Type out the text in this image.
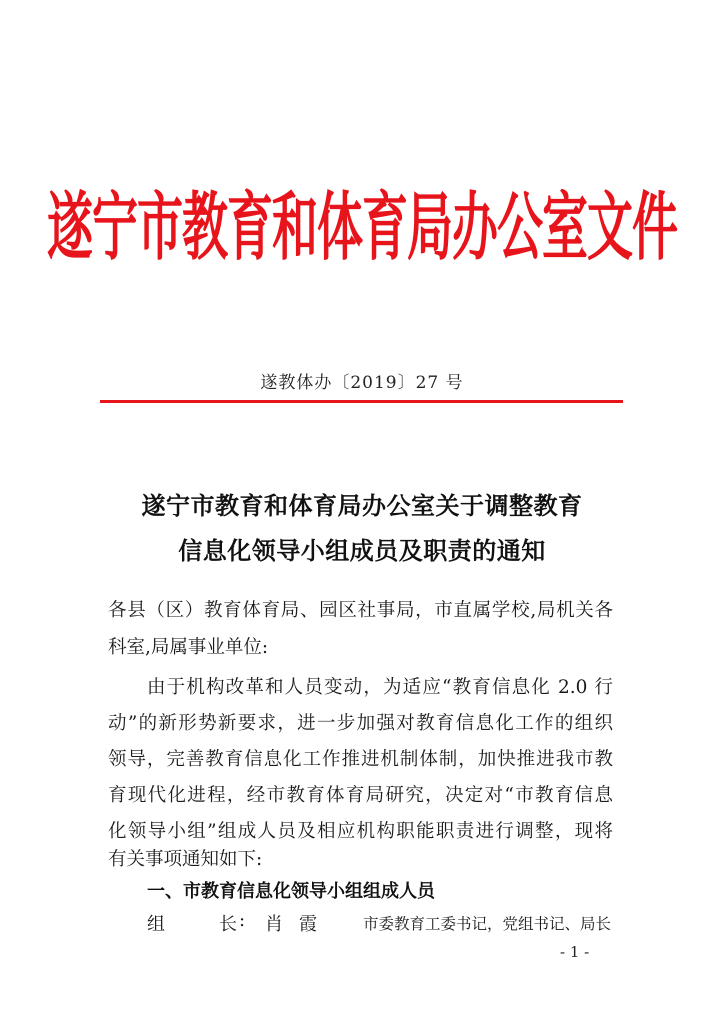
遂宁市教育和体育局办公室文件
遂教体办〔2019〕27 号
遂宁市教育和体育局办公室关于调整教育
信息化领导小组成员及职责的通知
各县（区）教育体育局、园区社事局，市直属学校,局机关各
科室,局属事业单位:
由于机构改革和人员变动，为适应“教育信息化 2.0 行
动”的新形势新要求，进一步加强对教育信息化工作的组织
领导，完善教育信息化工作推进机制体制，加快推进我市教
育现代化进程，经市教育体育局研究，决定对“市教育信息
化领导小组”组成人员及相应机构职能职责进行调整，现将
有关事项通知如下:
一、市教育信息化领导小组组成人员
组长 : 肖霞	市委教育工委书记，党组书记、局长
- 1 -
